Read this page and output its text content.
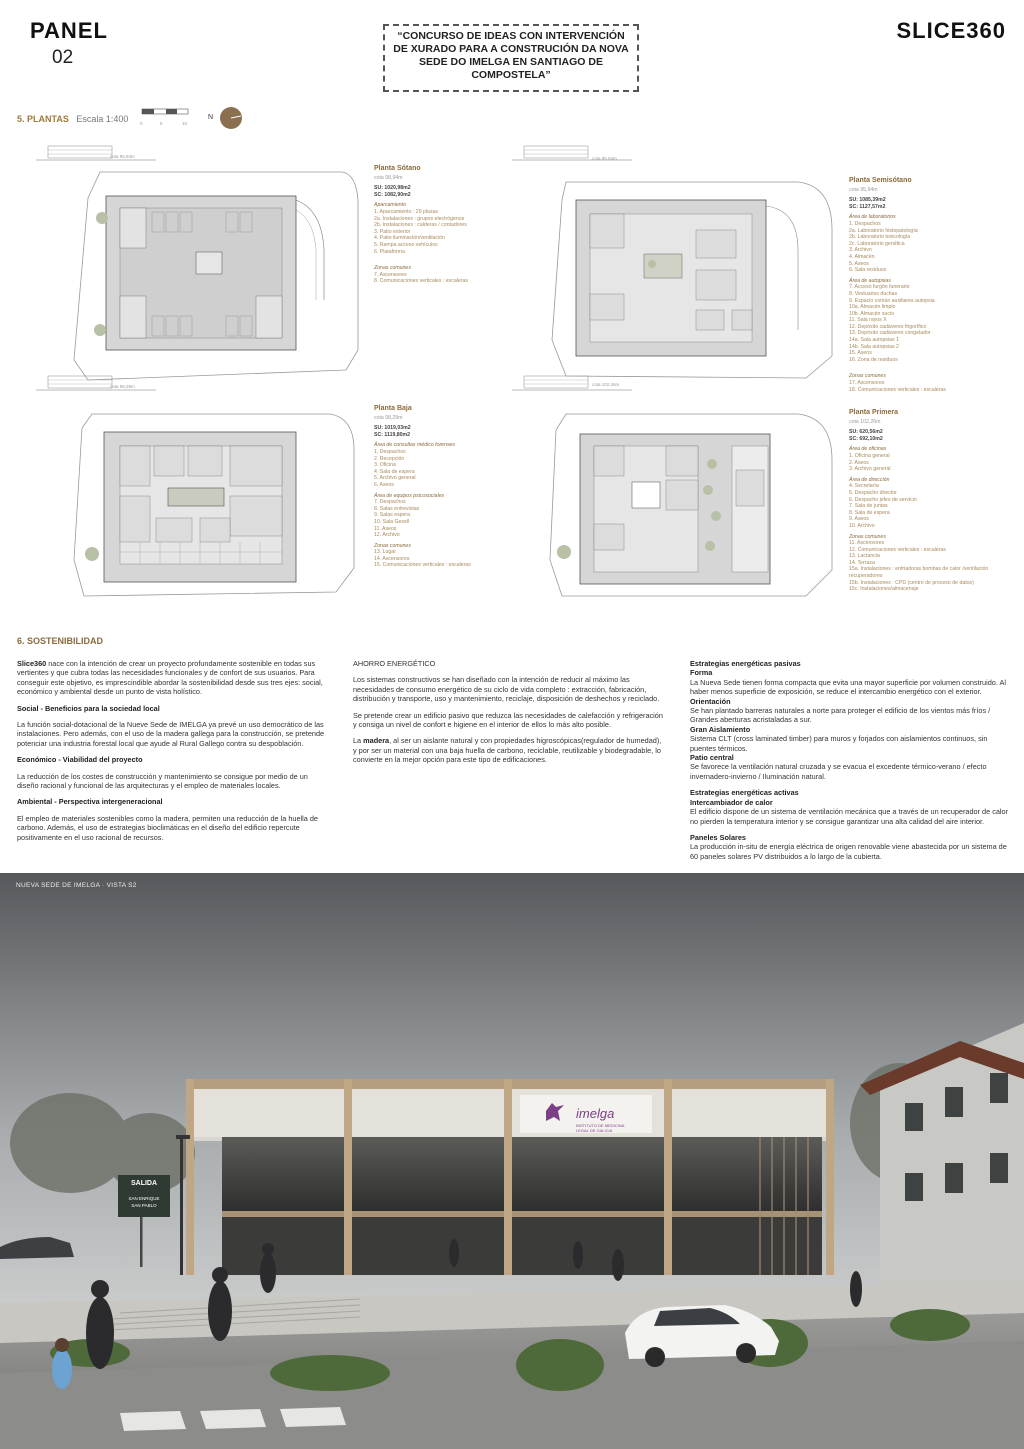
PANEL
02
“CONCURSO DE IDEAS CON INTERVENCIÓN DE XURADO PARA A CONSTRUCIÓN DA NOVA SEDE DO IMELGA EN SANTIAGO DE COMPOSTELA”
SLICE360
5. PLANTAS Escala 1:400	0	5	10
N
cota 95,94m	cota 95,94m
cota 98,29m	cota 102,26m
Planta Sótano
cota 98,94m
SU: 1020,98m2
SC: 1082,90m2
Aparcamiento
1. Aparcamiento : 29 plazas
2a. Instalaciones : grupos electrógenos
2b. Instalaciones : calderas / contadores
3. Patio exterior
4. Patio iluminación/ventilación
5. Rampa acceso vehículos
6. Plataforma
Zonas comunes
7. Ascensores
8. Comunicaciones verticales : escaleras
Planta Semisótano
cota 95,94m
SU: 1085,39m2
SC: 1127,57m2
Área de laboratorios
1. Despachos
2a. Laboratorio histopatología
2b. Laboratorio toxicología
2c. Laboratorio genética
3. Archivo
4. Almacén
5. Aseos
6. Sala residuos
Área de autopsias
7. Acceso furgón funerario
8. Vestuarios duchas
9. Espacio común auxiliares autopsia
10a. Almacén limpio
10b. Almacén sucio
11. Sala rayos X
12. Depósito cadáveres frigorífico
13. Depósito cadáveres congelador
14a. Sala autopsias 1
14b. Sala autopsias 2
15. Aseos
16. Zona de residuos
Zonas comunes
17. Ascensores
18. Comunicaciones verticales : escaleras
Planta Baja
cota 98,29m
SU: 1019,03m2
SC: 1119,80m2
Área de consultas médico forenses
1. Despachos
2. Recepción
3. Oficina
4. Sala de espera
5. Archivo general
6. Aseos
Área de equipos psicosociales
7. Despachos
8. Salas entrevistas
9. Salas espera
10. Sala Gesell
11. Aseos
12. Archivo
Zonas comunes
13. Lugar
14. Ascensores
15. Comunicaciones verticales : escaleras
Planta Primera
cota 102,26m
SU: 620,56m2
SC: 692,10m2
Área de oficinas
1. Oficina general
2. Aseos
3. Archivo general
Área de dirección
4. Secretaría
5. Despacho director
6. Despacho jefes de servicio
7. Sala de juntas
8. Sala de espera
9. Aseos
10. Archivo
Zonas comunes
11. Ascensores
12. Comunicaciones verticales : escaleras
13. Lactancia
14. Terraza
15a. Instalaciones : enfriadoras bombas de calor /ventilación recuperadores
15b. Instalaciones : CPD (centro de proceso de datos)
15c. Instalaciones/almacenaje
6. SOSTENIBILIDAD

Slice360 nace con la intención de crear un proyecto profundamente sostenible en todas sus vertientes y que cubra todas las necesidades funcionales y de confort de sus usuarios. Para conseguir este objetivo, es imprescindible abordar la sostenibilidad desde sus tres ejes: social, económico y ambiental desde un punto de vista holístico.

Social - Beneficios para la sociedad local

La función social-dotacional de la Nueve Sede de IMELGA ya prevé un uso democrático de las instalaciones. Pero además, con el uso de la madera gallega para la construcción, se pretende potenciar una industria forestal local que ayude al Rural Gallego contra su despoblación.

Económico - Viabilidad del proyecto

La reducción de los costes de construcción y mantenimiento se consigue por medio de un diseño racional y funcional de las arquitecturas y el empleo de materiales locales.

Ambiental - Perspectiva intergeneracional

El empleo de materiales sostenibles como la madera, permiten una reducción de la huella de carbono. Además, el uso de estrategias bioclimáticas en el diseño del edificio repercute positivamente en el uso racional de recursos.

AHORRO ENERGÉTICO

Los sistemas constructivos se han diseñado con la intención de reducir al máximo las necesidades de consumo energético de su ciclo de vida completo : extracción, fabricación, distribución y transporte, uso y mantenimiento, reciclaje, disposición de deshechos y reciclado.

Se pretende crear un edificio pasivo que reduzca las necesidades de calefacción y refrigeración y consiga un nivel de confort e higiene en el interior de ellos lo más alto posible.

La madera, al ser un aislante natural y con propiedades higroscópicas(regulador de humedad), y por ser un material con una baja huella de carbono, reciclable, reutilizable y biodegradable, lo convierte en la mejor opción para este tipo de edificaciones.

Estrategias energéticas pasivas

Forma

La Nueva Sede tienen forma compacta que evita una mayor superficie por volumen construido. Al haber menos superficie de exposición, se reduce el intercambio energético con el exterior.

Orientación

Se han plantado barreras naturales a norte para proteger el edificio de los vientos más fríos / Grandes aberturas acristaladas a sur.

Gran Aislamiento

Sistema CLT (cross laminated timber) para muros y forjados con aislamientos continuos, sin puentes térmicos.

Patio central

Se favorece la ventilación natural cruzada y se evacua el excedente térmico-verano / efecto invernadero-invierno / Iluminación natural.

Estrategias energéticas activas

Intercambiador de calor

El edificio dispone de un sistema de ventilación mecánica que a través de un recuperador de calor no pierden la temperatura interior y se consigue garantizar una alta calidad del aire interior.

Paneles Solares

La producción in-situ de energía eléctrica de origen renovable viene abastecida por un sistema de 60 paneles solares PV distribuidos a lo largo de la cubierta.

imelga
INSTITUTO DE MEDICINA
LEGAL DE GALICIA
SALIDA
SAN ENRIQUE
SAN PABLO
NUEVA SEDE DE IMELGA · VISTA S2
